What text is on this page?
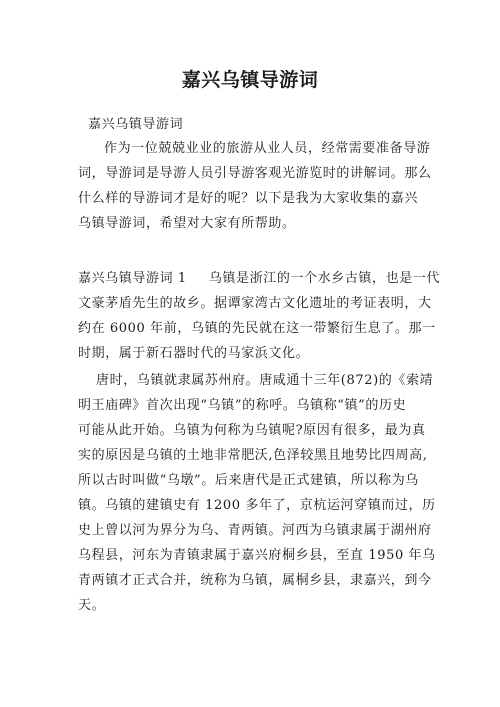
嘉兴乌镇导游词
嘉兴乌镇导游词
作为一位兢兢业业的旅游从业人员，经常需要准备导游
词，导游词是导游人员引导游客观光游览时的讲解词。那么
什么样的导游词才是好的呢？以下是我为大家收集的嘉兴
乌镇导游词，希望对大家有所帮助。
嘉兴乌镇导游词 1 乌镇是浙江的一个水乡古镇，也是一代
文豪茅盾先生的故乡。据谭家湾古文化遗址的考证表明，大
约在 6000 年前，乌镇的先民就在这一带繁衍生息了。那一
时期，属于新石器时代的马家浜文化。
唐时，乌镇就隶属苏州府。唐咸通十三年(872)的《索靖
明王庙碑》首次出现“乌镇”的称呼。乌镇称“镇”的历史
可能从此开始。乌镇为何称为乌镇呢?原因有很多，最为真
实的原因是乌镇的土地非常肥沃,色泽较黑且地势比四周高,
所以古时叫做“乌墩”。后来唐代是正式建镇，所以称为乌
镇。乌镇的建镇史有 1200 多年了，京杭运河穿镇而过，历
史上曾以河为界分为乌、青两镇。河西为乌镇隶属于湖州府
乌程县，河东为青镇隶属于嘉兴府桐乡县，至直 1950 年乌
青两镇才正式合并，统称为乌镇，属桐乡县，隶嘉兴，到今
天。
